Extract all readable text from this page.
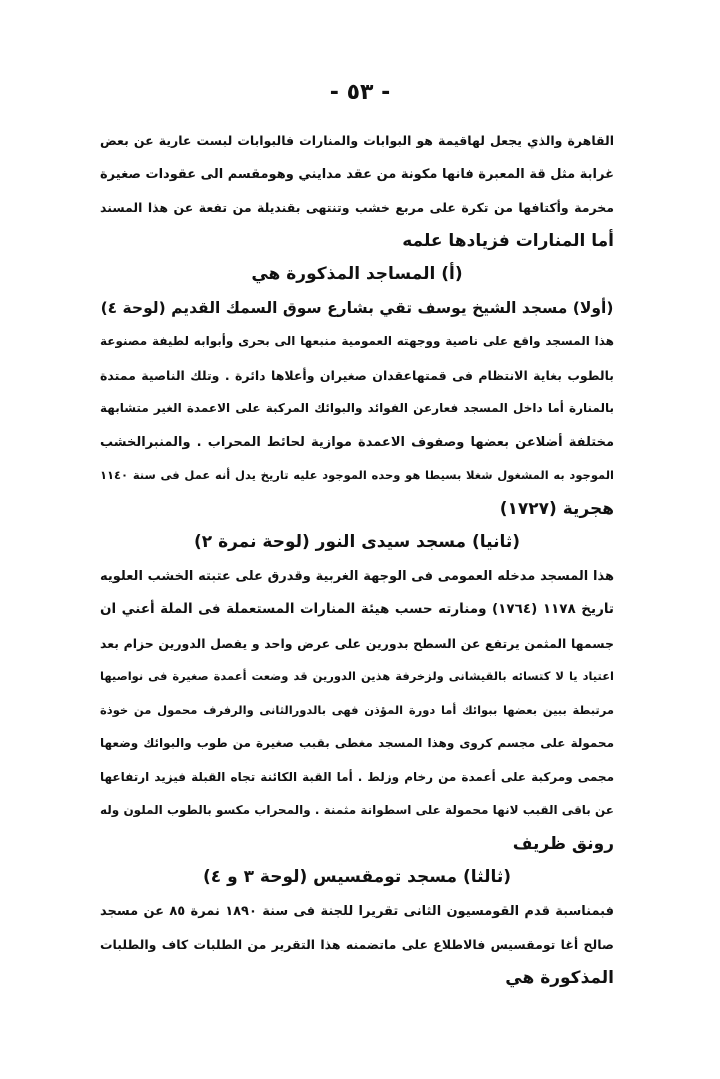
- ٥٣ -
القاهرة والذي يجعل لهاقيمة هو البوابات والمنارات فالبوابات لبست عارية عن بعض
غرابة مثل قة المعبرة فانها مكونة من عقد مدايني وهومقسم الى عقودات صغيرة
مخرمة وأكتافها من تكرة على مربع خشب وتنتهى بقنديلة من تفعة عن هذا المسند
أما المنارات فزيادها علمه
(أ) المساجد المذكورة هي
(أولا) مسجد الشيخ يوسف تقي بشارع سوق السمك القديم (لوحة ٤)
هذا المسجد واقع على ناصية ووجهته العمومية منبعها الى بحرى وأبوابه لطيفة مصنوعة
بالطوب بغاية الانتظام فى قمتهاعقدان صغيران وأعلاها دائرة . وتلك الناصية ممتدة
بالمنارة أما داخل المسجد فعارعن الفوائد والبوائك المركبة على الاعمدة الغير متشابهة
مختلفة أضلاعن بعضها وصفوف الاعمدة موازية لحائط المحراب . والمنبرالخشب
الموجود به المشغول شغلا بسيطا هو وحده الموجود عليه تاريخ يدل أنه عمل فى سنة ١١٤٠
هجرية (١٧٢٧)
(ثانيا) مسجد سيدى النور (لوحة نمرة ٢)
هذا المسجد مدخله العمومى فى الوجهة الغربية وقدرق على عتبته الخشب العلويه
تاريخ ١١٧٨ (١٧٦٤) ومنارته حسب هيئة المنارات المستعملة فى الملة أعني ان
جسمها المثمن يرتفع عن السطح بدورين على عرض واحد و يفصل الدورين حزام بعد
اعتياد يا لا كتسائه بالقيشانى ولزخرفة هذين الدورين قد وضعت أعمدة صغيرة فى نواصيها
مرتبطة ببين بعضها ببوائك أما دورة المؤذن فهى بالدورالثانى والرفرف محمول من خوذة
محمولة على مجسم كروى وهذا المسجد مغطى بقبب صغيرة من طوب والبوائك وضعها
مجمى ومركبة على أعمدة من رخام وزلط . أما القبة الكائنة تجاه القبلة فيزيد ارتفاعها
عن باقى القبب لانها محمولة على اسطوانة مثمنة . والمحراب مكسو بالطوب الملون وله
رونق ظريف
(ثالثا) مسجد تومقسيس (لوحة ٣ و ٤)
فبمناسبة قدم القومسيون الثانى تقريرا للجنة فى سنة ١٨٩٠ نمرة ٨٥ عن مسجد
صالح أغا تومقسيس فالاطلاع على ماتضمنه هذا التقرير من الطلبات كاف والطلبات
المذكورة هي
